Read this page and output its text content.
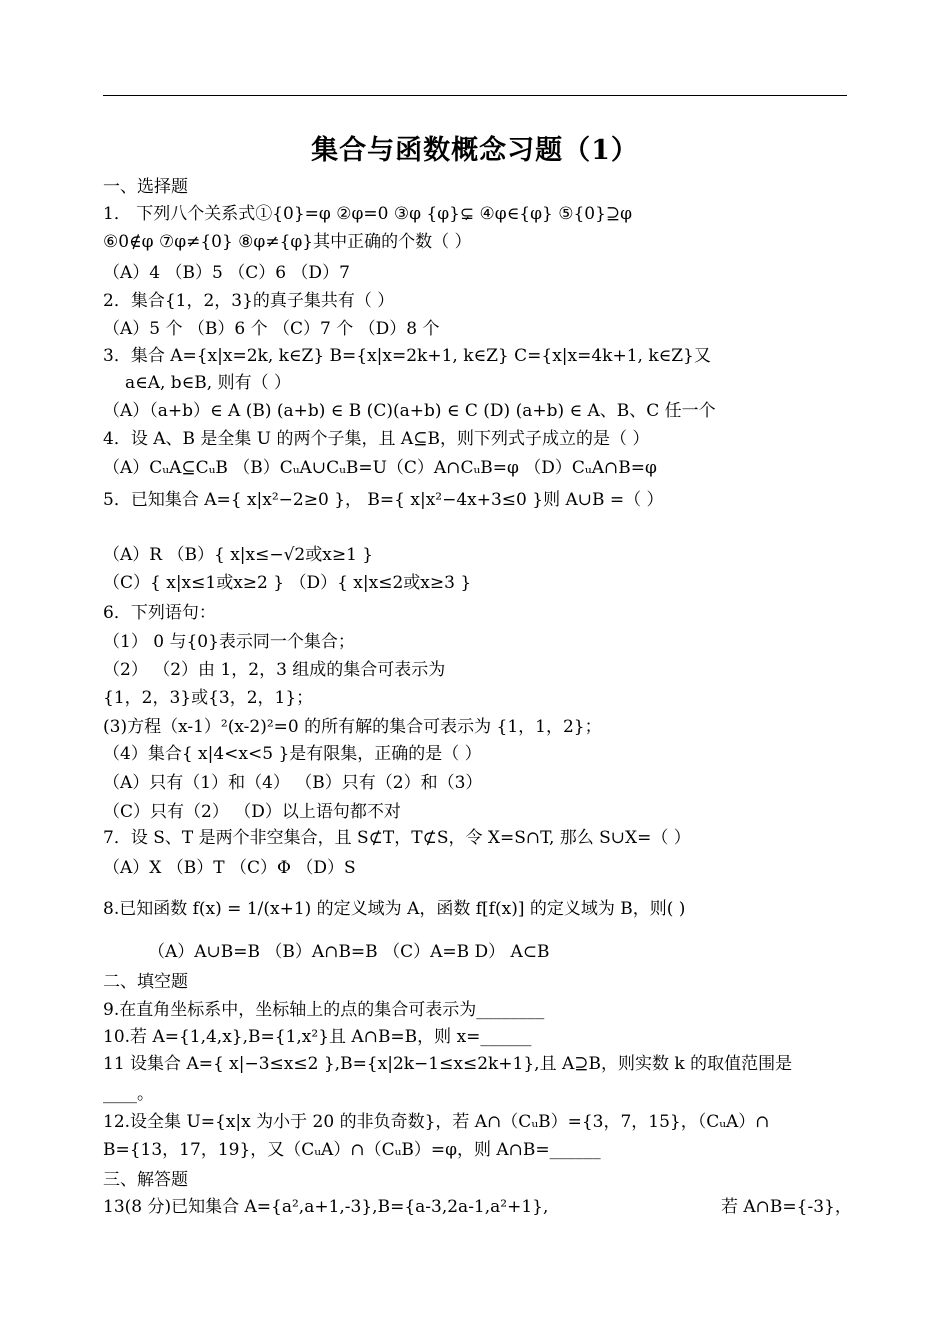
集合与函数概念习题（1）
一、选择题
1． 下列八个关系式①{0}=φ ②φ=0 ③φ {φ}⊊ ④φ∈{φ} ⑤{0}⊇φ
⑥0∉φ ⑦φ≠{0} ⑧φ≠{φ}其中正确的个数（ ）
（A）4 （B）5 （C）6 （D）7
2．集合{1，2，3}的真子集共有（ ）
（A）5 个 （B）6 个 （C）7 个 （D）8 个
3．集合 A={x|x=2k, k∈Z} B={x|x=2k+1, k∈Z} C={x|x=4k+1, k∈Z}又
a∈A, b∈B, 则有（ ）
（A）（a+b）∈ A (B) (a+b) ∈ B (C)(a+b) ∈ C (D) (a+b) ∈ A、B、C 任一个
4．设 A、B 是全集 U 的两个子集，且 A⊆B，则下列式子成立的是（ ）
（A）CᵤA⊆CᵤB （B）CᵤA∪CᵤB=U（C）A∩CᵤB=φ （D）CᵤA∩B=φ
5．已知集合 A={ x|x²−2≥0 }， B={ x|x²−4x+3≤0 }则 A∪B =（ ）
（A）R （B）{ x|x≤−√2或x≥1 }
（C）{ x|x≤1或x≥2 } （D）{ x|x≤2或x≥3 }
6．下列语句：
（1） 0 与{0}表示同一个集合；
（2） （2）由 1，2，3 组成的集合可表示为
{1，2，3}或{3，2，1}；
(3)方程（x-1）²(x-2)²=0 的所有解的集合可表示为 {1，1，2}；
（4）集合{ x|4<x<5 }是有限集，正确的是（ ）
（A）只有（1）和（4） （B）只有（2）和（3）
（C）只有（2） （D）以上语句都不对
7．设 S、T 是两个非空集合，且 S⊄T，T⊄S，令 X=S∩T, 那么 S∪X=（ ）
（A）X （B）T （C）Φ （D）S
8.已知函数 f(x) = 1/(x+1) 的定义域为 A，函数 f[f(x)] 的定义域为 B，则( )
（A）A∪B=B （B）A∩B=B （C）A=B D） A⊂B
二、填空题
9.在直角坐标系中，坐标轴上的点的集合可表示为________
10.若 A={1,4,x},B={1,x²}且 A∩B=B，则 x=______
11 设集合 A={ x|−3≤x≤2 },B={x|2k−1≤x≤2k+1},且 A⊇B，则实数 k 的取值范围是
____。
12.设全集 U={x|x 为小于 20 的非负奇数}，若 A∩（CᵤB）={3，7，15}，（CᵤA）∩
B={13，17，19}，又（CᵤA）∩（CᵤB）=φ，则 A∩B=______
三、解答题
13(8 分)已知集合 A={a²,a+1,-3},B={a-3,2a-1,a²+1},	若 A∩B={-3}，
